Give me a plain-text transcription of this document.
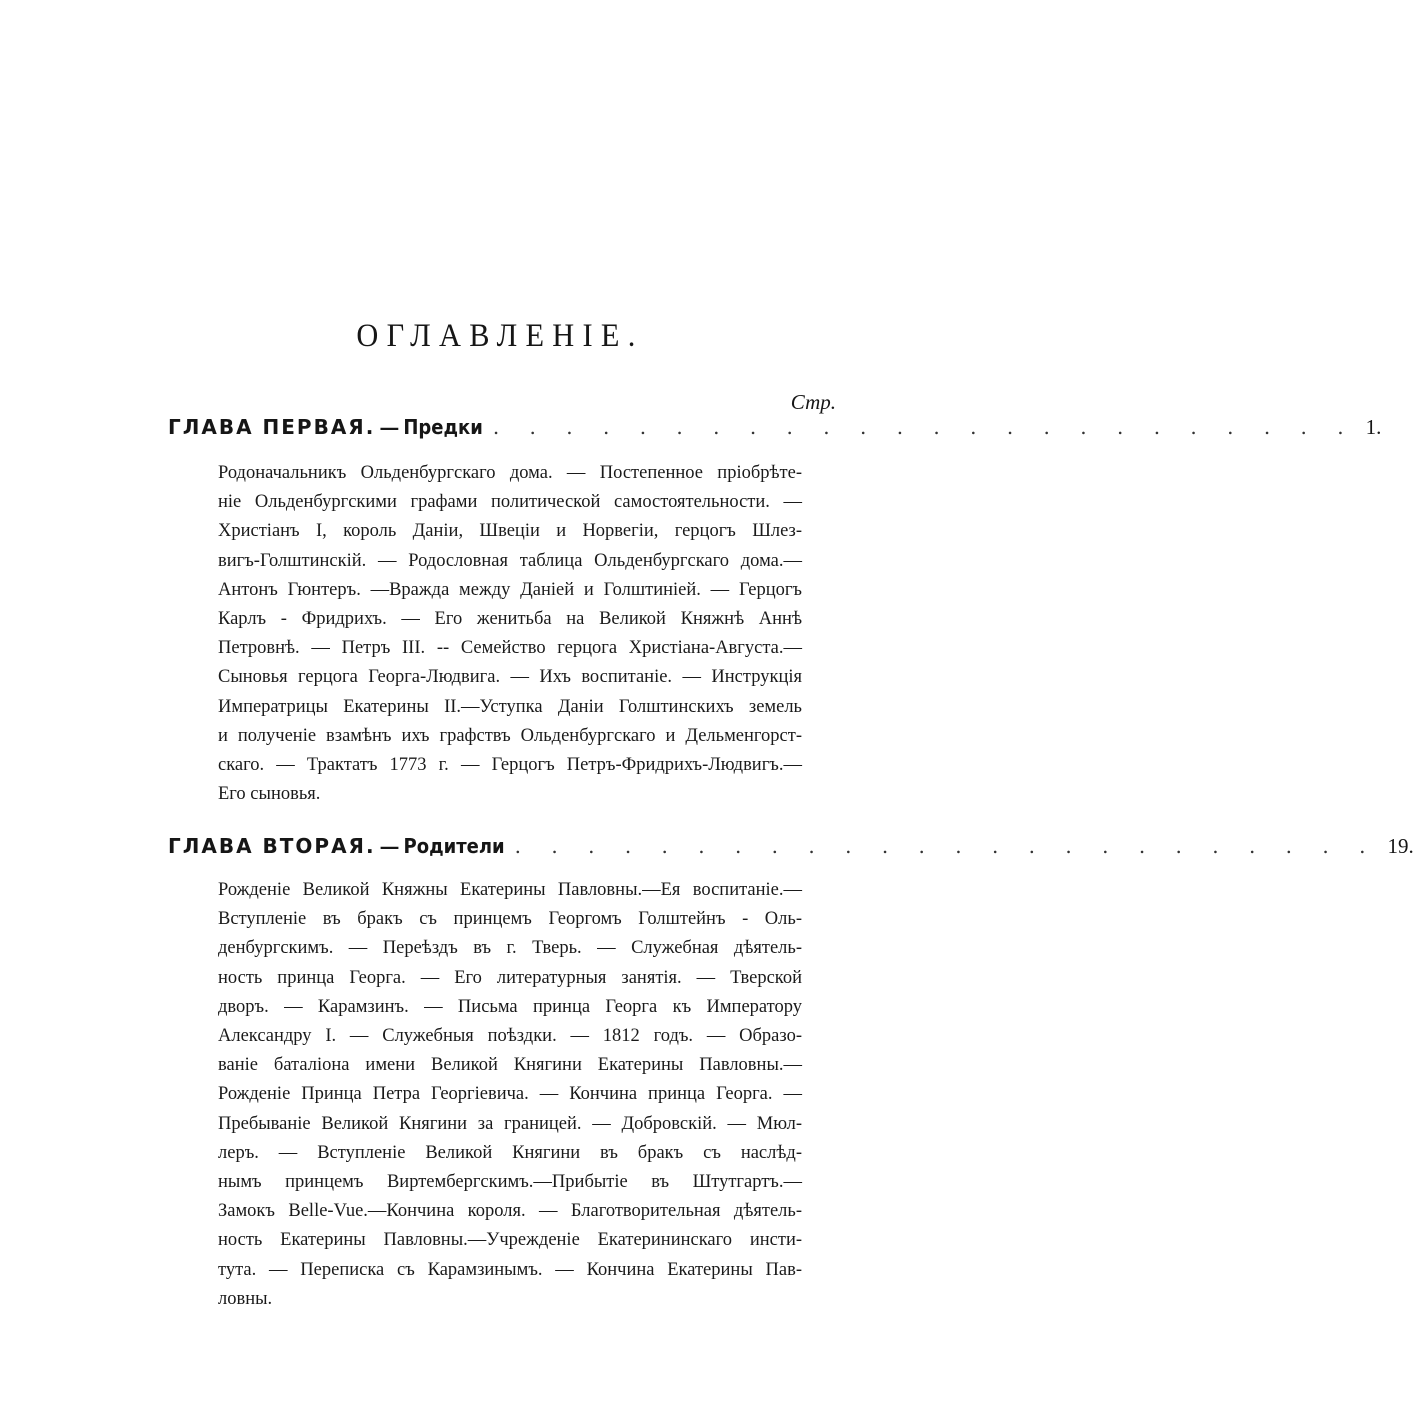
ОГЛАВЛЕНІЕ.
Стр.
ГЛАВА ПЕРВАЯ. — Предки . . . . . . . . . . . . . . . . . . . . . . . . 1.
Родоначальникъ Ольденбургскаго дома. — Постепенное пріобрѣте-
ніе Ольденбургскими графами политической самостоятельности. —
Христіанъ I, король Даніи, Швеціи и Норвегіи, герцогъ Шлез-
вигъ-Голштинскій. — Родословная таблица Ольденбургскаго дома.—
Антонъ Гюнтеръ. —Вражда между Даніей и Голштиніей. — Герцогъ
Карлъ - Фридрихъ. — Его женитьба на Великой Княжнѣ Аннѣ
Петровнѣ. — Петръ III. -- Семейство герцога Христіана-Августа.—
Сыновья герцога Георга-Людвига. — Ихъ воспитаніе. — Инструкція
Императрицы Екатерины II.—Уступка Даніи Голштинскихъ земель
и полученіе взамѣнъ ихъ графствъ Ольденбургскаго и Дельменгорст-
скаго. — Трактатъ 1773 г. — Герцогъ Петръ-Фридрихъ-Людвигъ.—
Его сыновья.
ГЛАВА ВТОРАЯ. — Родители . . . . . . . . . . . . . . . . . . . . . . . . 19.
Рожденіе Великой Княжны Екатерины Павловны.—Ея воспитаніе.—
Вступленіе въ бракъ съ принцемъ Георгомъ Голштейнъ - Оль-
денбургскимъ. — Переѣздъ въ г. Тверь. — Служебная дѣятель-
ность принца Георга. — Его литературныя занятія. — Тверской
дворъ. — Карамзинъ. — Письма принца Георга къ Императору
Александру I. — Служебныя поѣздки. — 1812 годъ. — Образо-
ваніе баталіона имени Великой Княгини Екатерины Павловны.—
Рожденіе Принца Петра Георгіевича. — Кончина принца Георга. —
Пребываніе Великой Княгини за границей. — Добровскій. — Мюл-
леръ. — Вступленіе Великой Княгини въ бракъ съ наслѣд-
нымъ принцемъ Виртембергскимъ.—Прибытіе въ Штутгартъ.—
Замокъ Belle-Vue.—Кончина короля. — Благотворительная дѣятель-
ность Екатерины Павловны.—Учрежденіе Екатерининскаго инсти-
тута. — Переписка съ Карамзинымъ. — Кончина Екатерины Пав-
ловны.
